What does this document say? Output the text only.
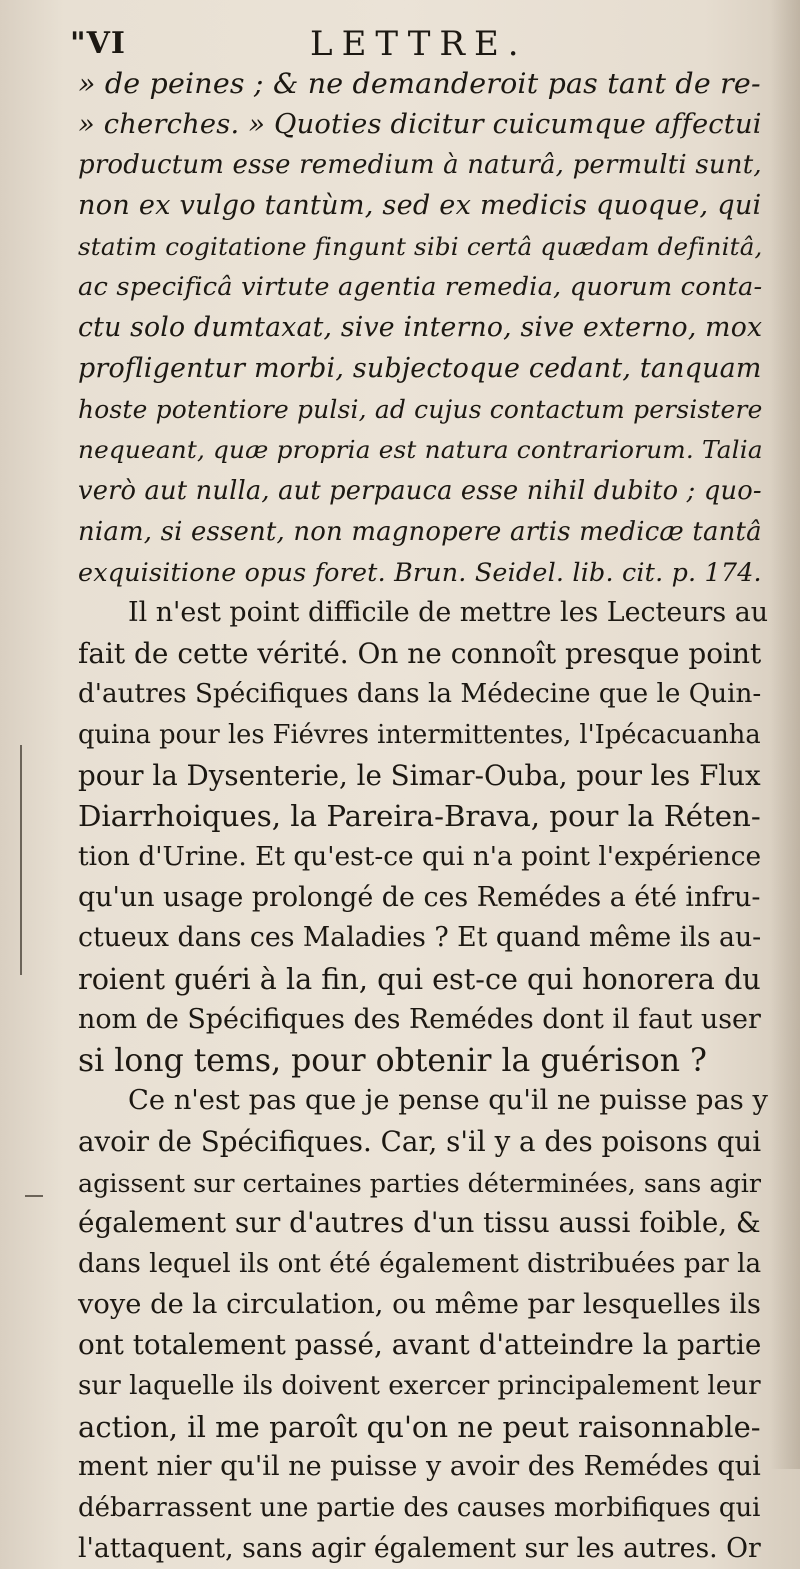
"VI	LETTRE.
» de peines ; & ne demanderoit pas tant de re-
» cherches. » Quoties dicitur cuicumque affectui
productum esse remedium à naturâ, permulti sunt,
non ex vulgo tantùm, sed ex medicis quoque, qui
statim cogitatione fingunt sibi certâ quædam definitâ,
ac specificâ virtute agentia remedia, quorum conta-
ctu solo dumtaxat, sive interno, sive externo, mox
profligentur morbi, subjectoque cedant, tanquam
hoste potentiore pulsi, ad cujus contactum persistere
nequeant, quæ propria est natura contrariorum. Talia
verò aut nulla, aut perpauca esse nihil dubito ; quo-
niam, si essent, non magnopere artis medicæ tantâ
exquisitione opus foret. Brun. Seidel. lib. cit. p. 174.
Il n'est point difficile de mettre les Lecteurs au
fait de cette vérité. On ne connoît presque point
d'autres Spécifiques dans la Médecine que le Quin-
quina pour les Fiévres intermittentes, l'Ipécacuanha
pour la Dysenterie, le Simar-Ouba, pour les Flux
Diarrhoiques, la Pareira-Brava, pour la Réten-
tion d'Urine. Et qu'est-ce qui n'a point l'expérience
qu'un usage prolongé de ces Remédes a été infru-
ctueux dans ces Maladies ? Et quand même ils au-
roient guéri à la fin, qui est-ce qui honorera du
nom de Spécifiques des Remédes dont il faut user
si long tems, pour obtenir la guérison ?
Ce n'est pas que je pense qu'il ne puisse pas y
avoir de Spécifiques. Car, s'il y a des poisons qui
agissent sur certaines parties déterminées, sans agir
également sur d'autres d'un tissu aussi foible, &
dans lequel ils ont été également distribuées par la
voye de la circulation, ou même par lesquelles ils
ont totalement passé, avant d'atteindre la partie
sur laquelle ils doivent exercer principalement leur
action, il me paroît qu'on ne peut raisonnable-
ment nier qu'il ne puisse y avoir des Remédes qui
débarrassent une partie des causes morbifiques qui
l'attaquent, sans agir également sur les autres. Or
